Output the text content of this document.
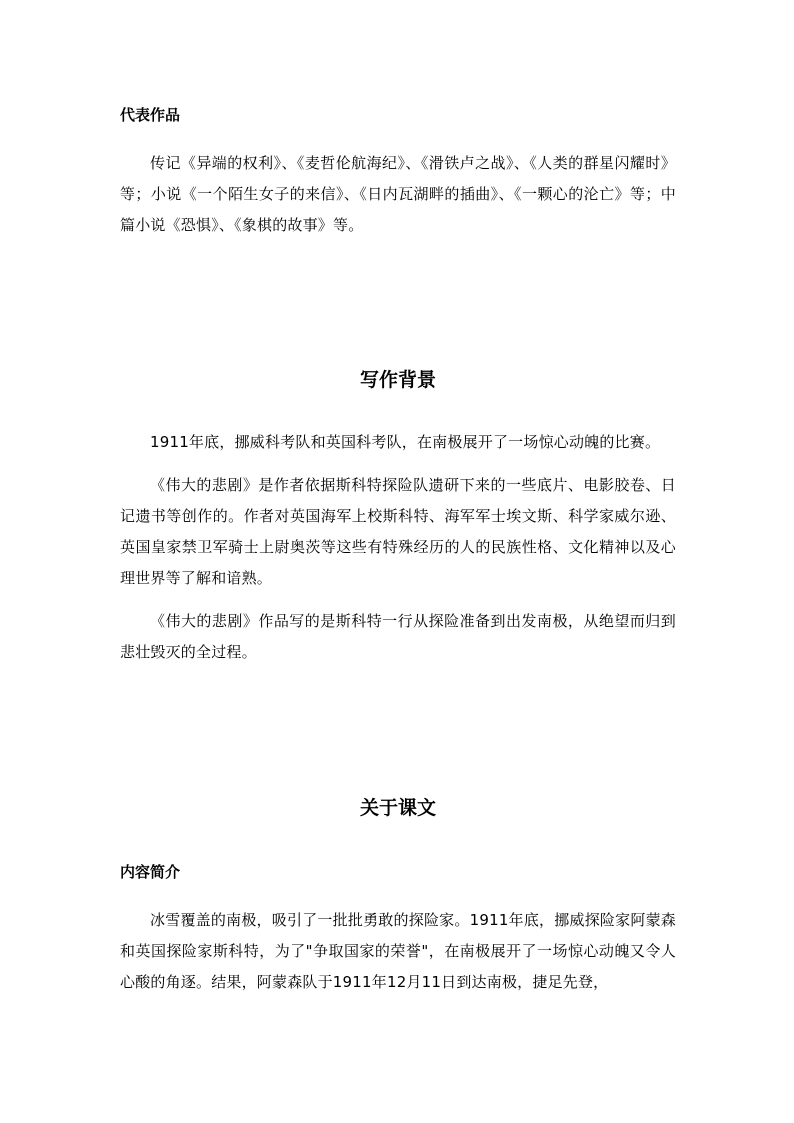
代表作品

传记《异端的权利》、《麦哲伦航海纪》、《滑铁卢之战》、《人类的群星闪耀时》等；小说《一个陌生女子的来信》、《日内瓦湖畔的插曲》、《一颗心的沦亡》等；中篇小说《恐惧》、《象棋的故事》等。

写作背景

1911年底，挪威科考队和英国科考队，在南极展开了一场惊心动魄的比赛。

《伟大的悲剧》是作者依据斯科特探险队遗研下来的一些底片、电影胶卷、日记遗书等创作的。作者对英国海军上校斯科特、海军军士埃文斯、科学家威尔逊、英国皇家禁卫军骑士上尉奥茨等这些有特殊经历的人的民族性格、文化精神以及心理世界等了解和谙熟。

《伟大的悲剧》作品写的是斯科特一行从探险准备到出发南极，从绝望而归到悲壮毁灭的全过程。

关于课文
内容简介

冰雪覆盖的南极，吸引了一批批勇敢的探险家。1911年底，挪威探险家阿蒙森和英国探险家斯科特，为了"争取国家的荣誉"，在南极展开了一场惊心动魄又令人心酸的角逐。结果，阿蒙森队于1911年12月11日到达南极，捷足先登，
